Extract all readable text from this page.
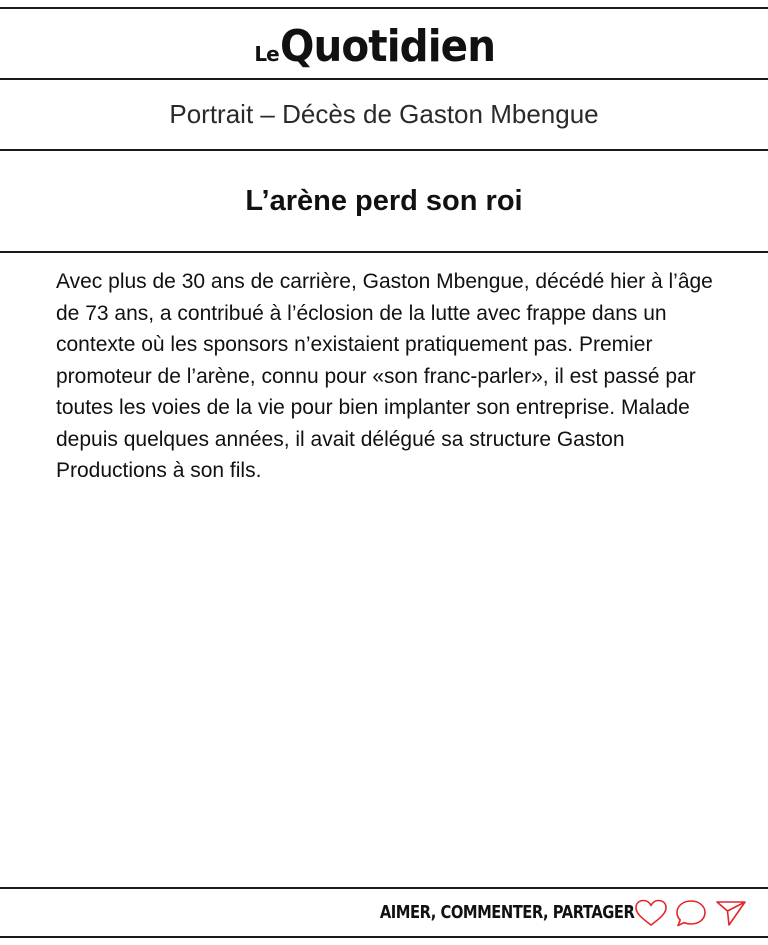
Le Quotidien
Portrait – Décès de Gaston Mbengue
L’arène perd son roi
Avec plus de 30 ans de carrière, Gaston Mbengue, décédé hier à l’âge de 73 ans, a contribué à l’éclosion de la lutte avec frappe dans un contexte où les sponsors n’existaient pratiquement pas. Premier promoteur de l’arène, connu pour «son franc-parler», il est passé par toutes les voies de la vie pour bien implanter son entreprise. Malade depuis quelques années, il avait délégué sa structure Gaston Productions à son fils.
AIMER, COMMENTER, PARTAGER
